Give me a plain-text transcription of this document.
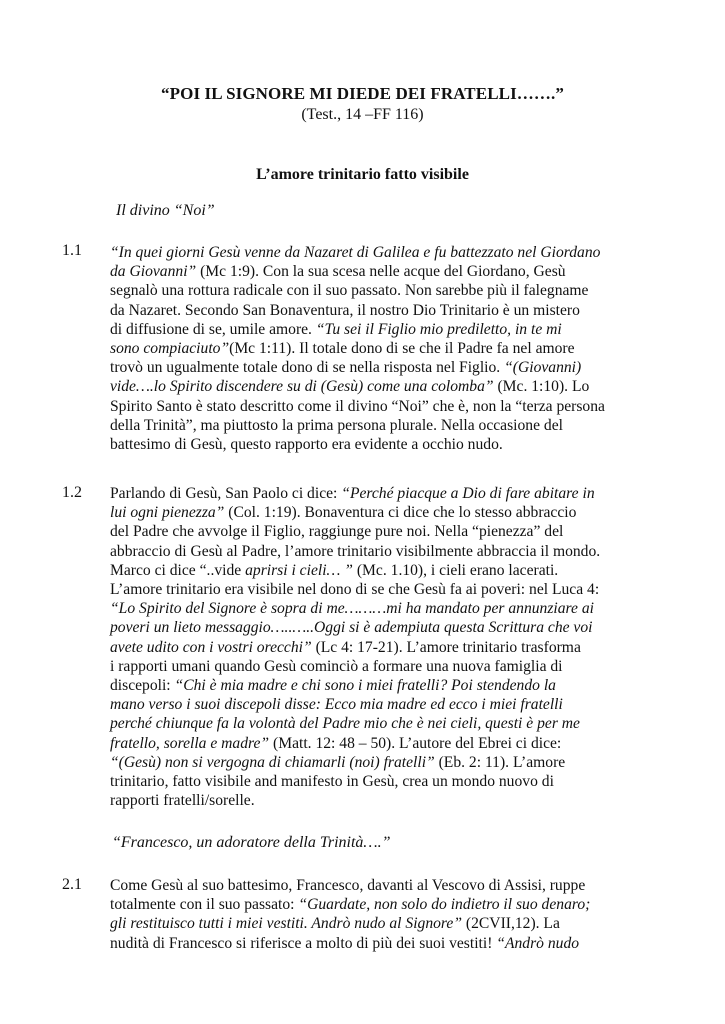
“POI IL SIGNORE MI DIEDE DEI FRATELLI…….”

(Test., 14 –FF 116)

L’amore trinitario fatto visibile

Il divino “Noi”

1.1 “In quei giorni Gesù venne da Nazaret di Galilea e fu battezzato nel Giordano
da Giovanni” (Mc 1:9). Con la sua scesa nelle acque del Giordano, Gesù
segnalò una rottura radicale con il suo passato. Non sarebbe più il falegname
da Nazaret. Secondo San Bonaventura, il nostro Dio Trinitario è un mistero
di diffusione di se, umile amore. “Tu sei il Figlio mio prediletto, in te mi
sono compiaciuto”(Mc 1:11). Il totale dono di se che il Padre fa nel amore
trovò un ugualmente totale dono di se nella risposta nel Figlio. “(Giovanni)
vide….lo Spirito discendere su di (Gesù) come una colomba” (Mc. 1:10). Lo
Spirito Santo è stato descritto come il divino “Noi” che è, non la “terza persona
della Trinità”, ma piuttosto la prima persona plurale. Nella occasione del
battesimo di Gesù, questo rapporto era evidente a occhio nudo.

1.2 Parlando di Gesù, San Paolo ci dice: “Perché piacque a Dio di fare abitare in
lui ogni pienezza” (Col. 1:19). Bonaventura ci dice che lo stesso abbraccio
del Padre che avvolge il Figlio, raggiunge pure noi. Nella “pienezza” del
abbraccio di Gesù al Padre, l’amore trinitario visibilmente abbraccia il mondo.
Marco ci dice “..vide aprirsi i cieli… ” (Mc. 1.10), i cieli erano lacerati.
L’amore trinitario era visibile nel dono di se che Gesù fa ai poveri: nel Luca 4:
“Lo Spirito del Signore è sopra di me………mi ha mandato per annunziare ai
poveri un lieto messaggio…..…..Oggi si è adempiuta questa Scrittura che voi
avete udito con i vostri orecchi” (Lc 4: 17-21). L’amore trinitario trasforma
i rapporti umani quando Gesù cominciò a formare una nuova famiglia di
discepoli: “Chi è mia madre e chi sono i miei fratelli? Poi stendendo la
mano verso i suoi discepoli disse: Ecco mia madre ed ecco i miei fratelli
perché chiunque fa la volontà del Padre mio che è nei cieli, questi è per me
fratello, sorella e madre” (Matt. 12: 48 – 50). L’autore del Ebrei ci dice:
“(Gesù) non si vergogna di chiamarli (noi) fratelli” (Eb. 2: 11). L’amore
trinitario, fatto visibile and manifesto in Gesù, crea un mondo nuovo di
rapporti fratelli/sorelle.

“Francesco, un adoratore della Trinità….”

2.1 Come Gesù al suo battesimo, Francesco, davanti al Vescovo di Assisi, ruppe
totalmente con il suo passato: “Guardate, non solo do indietro il suo denaro;
gli restituisco tutti i miei vestiti. Andrò nudo al Signore” (2CVII,12). La
nudità di Francesco si riferisce a molto di più dei suoi vestiti! “Andrò nudo
